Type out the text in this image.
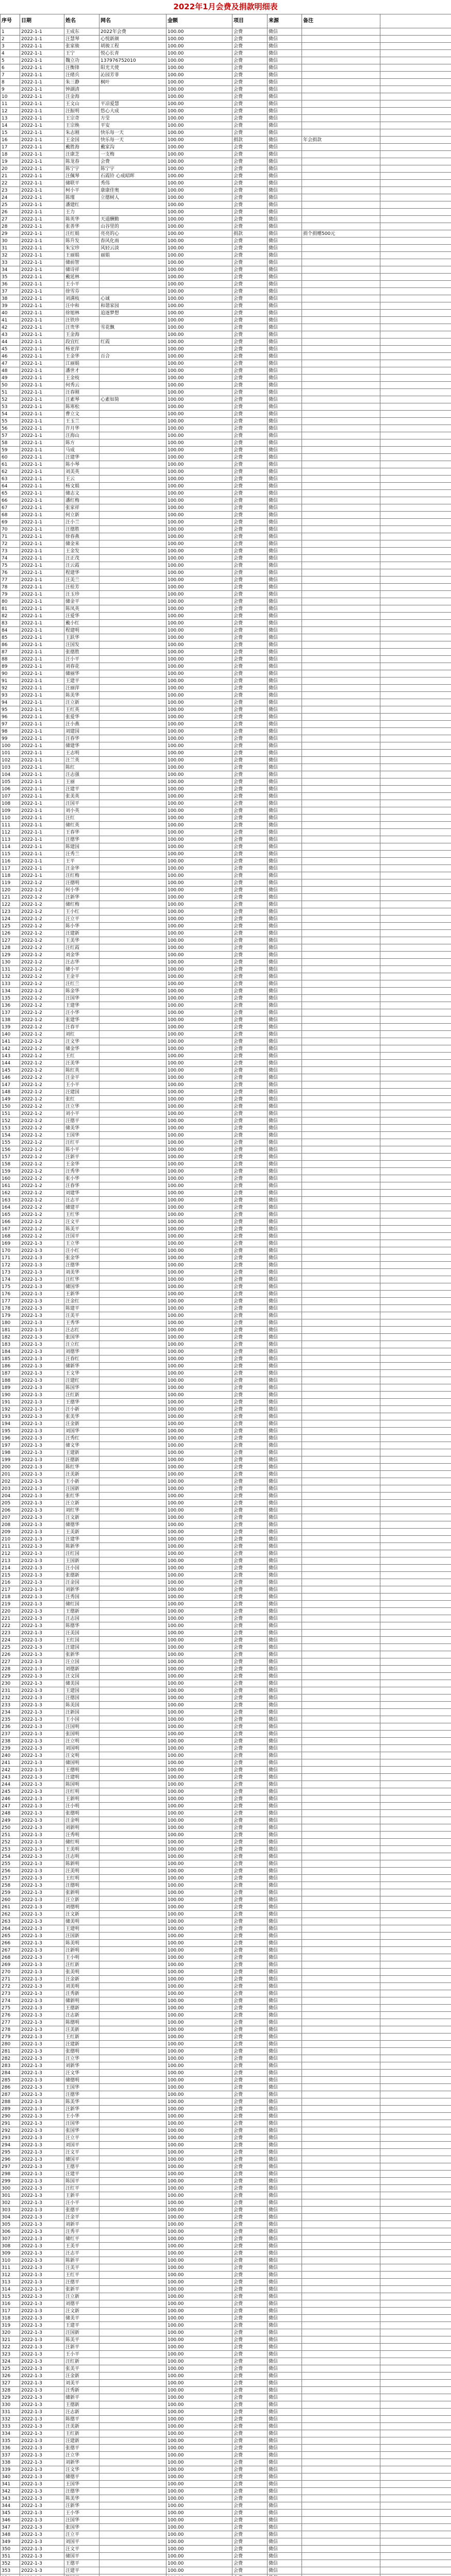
2022年1月会费及捐款明细表
序号	日期	姓名	网名	金额	项目	来源	备注	
1	2022-1-1	王成东	2022年会费	100.00	会费	微信		
2	2022-1-1	汪慧琴	心悦新颜	100.00	会费	微信		
3	2022-1-1	张家骏	胡骏工程	100.00	会费	微信		
4	2022-1-1	王宁	悦心长青	100.00	会费	微信		
5	2022-1-1	魏立功	137976752010	100.00	会费	微信		
6	2022-1-1	汪衡锋	阳光天使	100.00	会费	微信		
7	2022-1-1	汪绪兵	沁园芳菲	100.00	会费	微信		
8	2022-1-1	朱三静	枫叶	100.00	会费	微信		
9	2022-1-1	钟湖清		100.00	会费	微信		
10	2022-1-1	汪金海		100.00	会费	微信		
11	2022-1-1	王文山	平凉爱慧	100.00	会费	微信		
12	2022-1-1	汪振明	悠心大成	100.00	会费	微信		
13	2022-1-1	王宗奇	方莹	100.00	会费	微信		
14	2022-1-1	王宗焕	平安	100.00	会费	微信		
15	2022-1-1	朱志刚	快乐每一天	100.00	会费	微信		
16	2022-1-1	王金国	快乐每一天	100.00	捐款	微信	年会捐款	
17	2022-1-1	戴胜海	戴家沟	100.00	会费	微信		
18	2022-1-1	汪康芝	一支梅	100.00	会费	微信		
19	2022-1-1	陈龙春	会费	100.00	会费	微信		
20	2022-1-1	陈宁宇	陈宁宇	100.00	会费	微信		
21	2022-1-1	汪佩琴	石霞铃 心成昭晖	100.00	会费	微信		
22	2022-1-1	储联平	秀伟	100.00	会费	微信		
23	2022-1-1	柯小平	康康佳奥	100.00	会费	微信		
24	2022-1-1	陈瑾	立德树人	100.00	会费	微信		
25	2022-1-1	潘建红		100.00	会费	微信		
26	2022-1-1	王力		100.00	会费	微信		
27	2022-1-1	陈英华	天道酬勤	100.00	会费	微信		
28	2022-1-1	张善华	山谷里的	100.00	会费	微信		
29	2022-1-1	汪红娟	亮亮的心	100.00	捐款	微信	捐个捐赠500元	
30	2022-1-1	陈升发	春风化雨	100.00	会费	微信		
31	2022-1-1	朱宝珍	风轻云淡	100.00	会费	微信		
32	2022-1-1	王丽娟	丽娟	100.00	会费	微信		
33	2022-1-1	储前智		100.00	会费	微信		
34	2022-1-1	储诗祥		100.00	会费	微信		
35	2022-1-1	戴延林		100.00	会费	微信		
36	2022-1-1	王小平		100.00	会费	微信		
37	2022-1-1	徐雪芬		100.00	会费	微信		
38	2022-1-1	刘满枝	心诚	100.00	会费	微信		
39	2022-1-1	汪中和	和谐家园	100.00	会费	微信		
40	2022-1-1	徐旭林	追逐梦想	100.00	会费	微信		
41	2022-1-1	汪铁珍		100.00	会费	微信		
42	2022-1-1	汪贵华	雪花飘	100.00	会费	微信		
43	2022-1-1	王金海		100.00	会费	微信		
44	2022-1-1	段宜红	红霞	100.00	会费	微信		
45	2022-1-1	杨亚萍		100.00	会费	微信		
46	2022-1-1	王金华	百合	100.00	会费	微信		
47	2022-1-1	江丽娟		100.00	会费	微信		
48	2022-1-1	潘世才		100.00	会费	微信		
49	2022-1-1	王金枝		100.00	会费	微信		
50	2022-1-1	何秀云		100.00	会费	微信		
51	2022-1-1	汪春刚		100.00	会费	微信		
52	2022-1-1	汪素琴	心素如简	100.00	会费	微信		
53	2022-1-1	陈寒松		100.00	会费	微信		
54	2022-1-1	曹立文		100.00	会费	微信		
55	2022-1-1	王玉兰		100.00	会费	微信		
56	2022-1-1	许月华		100.00	会费	微信		
57	2022-1-1	汪海山		100.00	会费	微信		
58	2022-1-1	陈方		100.00	会费	微信		
59	2022-1-1	马成		100.00	会费	微信		
60	2022-1-1	汪建华		100.00	会费	微信		
61	2022-1-1	陈小琴		100.00	会费	微信		
62	2022-1-1	刘美英		100.00	会费	微信		
63	2022-1-1	王云		100.00	会费	微信		
64	2022-1-1	杨文娟		100.00	会费	微信		
65	2022-1-1	储志文		100.00	会费	微信		
66	2022-1-1	潘红梅		100.00	会费	微信		
67	2022-1-1	张家祥		100.00	会费	微信		
68	2022-1-1	何立新		100.00	会费	微信		
69	2022-1-1	汪小兰		100.00	会费	微信		
70	2022-1-1	汪德胜		100.00	会费	微信		
71	2022-1-1	徐春燕		100.00	会费	微信		
72	2022-1-1	储金来		100.00	会费	微信		
73	2022-1-1	王金发		100.00	会费	微信		
74	2022-1-1	汪正茂		100.00	会费	微信		
75	2022-1-1	汪云霞		100.00	会费	微信		
76	2022-1-1	程建华		100.00	会费	微信		
77	2022-1-1	汪美兰		100.00	会费	微信		
78	2022-1-1	汪桂芳		100.00	会费	微信		
79	2022-1-1	汪玉珍		100.00	会费	微信		
80	2022-1-1	储金平		100.00	会费	微信		
81	2022-1-1	陈凤英		100.00	会费	微信		
82	2022-1-1	汪爱华		100.00	会费	微信		
83	2022-1-1	戴小红		100.00	会费	微信		
84	2022-1-1	程建明		100.00	会费	微信		
85	2022-1-1	王跃华		100.00	会费	微信		
86	2022-1-1	汪国发		100.00	会费	微信		
87	2022-1-1	张德胜		100.00	会费	微信		
88	2022-1-1	汪小平		100.00	会费	微信		
89	2022-1-1	刘春花		100.00	会费	微信		
90	2022-1-1	储丽华		100.00	会费	微信		
91	2022-1-1	王建平		100.00	会费	微信		
92	2022-1-1	汪丽萍		100.00	会费	微信		
93	2022-1-1	陈美华		100.00	会费	微信		
94	2022-1-1	汪立新		100.00	会费	微信		
95	2022-1-1	王红英		100.00	会费	微信		
96	2022-1-1	张爱华		100.00	会费	微信		
97	2022-1-1	汪小燕		100.00	会费	微信		
98	2022-1-1	刘建国		100.00	会费	微信		
99	2022-1-1	汪春华		100.00	会费	微信		
100	2022-1-1	储建华		100.00	会费	微信		
101	2022-1-1	王志明		100.00	会费	微信		
102	2022-1-1	汪兰英		100.00	会费	微信		
103	2022-1-1	陈红		100.00	会费	微信		
104	2022-1-1	汪志强		100.00	会费	微信		
105	2022-1-1	王丽		100.00	会费	微信		
106	2022-1-1	汪建平		100.00	会费	微信		
107	2022-1-1	张美英		100.00	会费	微信		
108	2022-1-1	汪国平		100.00	会费	微信		
109	2022-1-1	刘小英		100.00	会费	微信		
110	2022-1-1	汪红		100.00	会费	微信		
111	2022-1-1	储红英		100.00	会费	微信		
112	2022-1-1	王春华		100.00	会费	微信		
113	2022-1-1	汪德华		100.00	会费	微信		
114	2022-1-1	陈建国		100.00	会费	微信		
115	2022-1-1	汪秀兰		100.00	会费	微信		
116	2022-1-1	王平		100.00	会费	微信		
117	2022-1-1	汪金华		100.00	会费	微信		
118	2022-1-1	汪红梅		100.00	会费	微信		
119	2022-1-2	汪德明		100.00	会费	微信		
120	2022-1-2	何小华		100.00	会费	微信		
121	2022-1-2	汪新华		100.00	会费	微信		
122	2022-1-2	储红梅		100.00	会费	微信		
123	2022-1-2	王小红		100.00	会费	微信		
124	2022-1-2	汪立平		100.00	会费	微信		
125	2022-1-2	陈小华		100.00	会费	微信		
126	2022-1-2	汪建新		100.00	会费	微信		
127	2022-1-2	王美华		100.00	会费	微信		
128	2022-1-2	汪红霞		100.00	会费	微信		
129	2022-1-2	刘金华		100.00	会费	微信		
130	2022-1-2	汪志华		100.00	会费	微信		
131	2022-1-2	储小平		100.00	会费	微信		
132	2022-1-2	王金平		100.00	会费	微信		
133	2022-1-2	汪红兰		100.00	会费	微信		
134	2022-1-2	陈金华		100.00	会费	微信		
135	2022-1-2	汪国华		100.00	会费	微信		
136	2022-1-2	王建华		100.00	会费	微信		
137	2022-1-2	汪小华		100.00	会费	微信		
138	2022-1-2	张建华		100.00	会费	微信		
139	2022-1-2	汪春平		100.00	会费	微信		
140	2022-1-2	刘红		100.00	会费	微信		
141	2022-1-2	汪文华		100.00	会费	微信		
142	2022-1-2	储金华		100.00	会费	微信		
143	2022-1-2	王红		100.00	会费	微信		
144	2022-1-2	汪美华		100.00	会费	微信		
145	2022-1-2	陈红英		100.00	会费	微信		
146	2022-1-2	汪金平		100.00	会费	微信		
147	2022-1-2	王小平		100.00	会费	微信		
148	2022-1-2	汪建国		100.00	会费	微信		
149	2022-1-2	张红		100.00	会费	微信		
150	2022-1-2	汪立华		100.00	会费	微信		
151	2022-1-2	刘小平		100.00	会费	微信		
152	2022-1-2	汪德平		100.00	会费	微信		
153	2022-1-2	储美华		100.00	会费	微信		
154	2022-1-2	王国华		100.00	会费	微信		
155	2022-1-2	汪红平		100.00	会费	微信		
156	2022-1-2	陈小平		100.00	会费	微信		
157	2022-1-2	汪新平		100.00	会费	微信		
158	2022-1-2	王金华		100.00	会费	微信		
159	2022-1-2	汪秀华		100.00	会费	微信		
160	2022-1-2	张小华		100.00	会费	微信		
161	2022-1-2	汪春华		100.00	会费	微信		
162	2022-1-2	刘建华		100.00	会费	微信		
163	2022-1-2	汪志平		100.00	会费	微信		
164	2022-1-2	储建平		100.00	会费	微信		
165	2022-1-2	王红华		100.00	会费	微信		
166	2022-1-2	汪文平		100.00	会费	微信		
167	2022-1-2	陈美平		100.00	会费	微信		
168	2022-1-2	汪国平		100.00	会费	微信		
169	2022-1-3	王立华		100.00	会费	微信		
170	2022-1-3	汪小红		100.00	会费	微信		
171	2022-1-3	张金华		100.00	会费	微信		
172	2022-1-3	汪德华		100.00	会费	微信		
173	2022-1-3	刘美华		100.00	会费	微信		
174	2022-1-3	汪红华		100.00	会费	微信		
175	2022-1-3	储国华		100.00	会费	微信		
176	2022-1-3	王新华		100.00	会费	微信		
177	2022-1-3	汪金红		100.00	会费	微信		
178	2022-1-3	陈建平		100.00	会费	微信		
179	2022-1-3	汪美平		100.00	会费	微信		
180	2022-1-3	王秀华		100.00	会费	微信		
181	2022-1-3	汪志红		100.00	会费	微信		
182	2022-1-3	张国华		100.00	会费	微信		
183	2022-1-3	汪立红		100.00	会费	微信		
184	2022-1-3	刘德华		100.00	会费	微信		
185	2022-1-3	汪春红		100.00	会费	微信		
186	2022-1-3	储新华		100.00	会费	微信		
187	2022-1-3	王文华		100.00	会费	微信		
188	2022-1-3	汪建红		100.00	会费	微信		
189	2022-1-3	陈国华		100.00	会费	微信		
190	2022-1-3	汪红新		100.00	会费	微信		
191	2022-1-3	王德华		100.00	会费	微信		
192	2022-1-3	汪小新		100.00	会费	微信		
193	2022-1-3	张美华		100.00	会费	微信		
194	2022-1-3	汪金新		100.00	会费	微信		
195	2022-1-3	刘国华		100.00	会费	微信		
196	2022-1-3	汪秀红		100.00	会费	微信		
197	2022-1-3	储文华		100.00	会费	微信		
198	2022-1-3	王建新		100.00	会费	微信		
199	2022-1-3	汪德新		100.00	会费	微信		
200	2022-1-3	陈红华		100.00	会费	微信		
201	2022-1-3	汪美新		100.00	会费	微信		
202	2022-1-3	王小新		100.00	会费	微信		
203	2022-1-3	汪国新		100.00	会费	微信		
204	2022-1-3	张红华		100.00	会费	微信		
205	2022-1-3	汪立新		100.00	会费	微信		
206	2022-1-3	刘红华		100.00	会费	微信		
207	2022-1-3	汪文新		100.00	会费	微信		
208	2022-1-3	储德华		100.00	会费	微信		
209	2022-1-3	王美新		100.00	会费	微信		
210	2022-1-3	汪建华		100.00	会费	微信		
211	2022-1-3	陈新华		100.00	会费	微信		
212	2022-1-3	汪红国		100.00	会费	微信		
213	2022-1-3	王国新		100.00	会费	微信		
214	2022-1-3	汪小国		100.00	会费	微信		
215	2022-1-3	张德新		100.00	会费	微信		
216	2022-1-3	汪金国		100.00	会费	微信		
217	2022-1-3	刘新华		100.00	会费	微信		
218	2022-1-3	汪秀国		100.00	会费	微信		
219	2022-1-3	储红国		100.00	会费	微信		
220	2022-1-3	王德新		100.00	会费	微信		
221	2022-1-3	汪志国		100.00	会费	微信		
222	2022-1-3	陈德华		100.00	会费	微信		
223	2022-1-3	汪美国		100.00	会费	微信		
224	2022-1-3	王红国		100.00	会费	微信		
225	2022-1-3	汪建国		100.00	会费	微信		
226	2022-1-3	张新华		100.00	会费	微信		
227	2022-1-3	汪立国		100.00	会费	微信		
228	2022-1-3	刘德新		100.00	会费	微信		
229	2022-1-3	汪文国		100.00	会费	微信		
230	2022-1-3	储美国		100.00	会费	微信		
231	2022-1-3	王建国		100.00	会费	微信		
232	2022-1-3	汪德国		100.00	会费	微信		
233	2022-1-3	陈美国		100.00	会费	微信		
234	2022-1-3	汪新国		100.00	会费	微信		
235	2022-1-3	王小国		100.00	会费	微信		
236	2022-1-3	汪国明		100.00	会费	微信		
237	2022-1-3	张国明		100.00	会费	微信		
238	2022-1-3	汪立明		100.00	会费	微信		
239	2022-1-3	刘国明		100.00	会费	微信		
240	2022-1-3	汪文明		100.00	会费	微信		
241	2022-1-3	储国明		100.00	会费	微信		
242	2022-1-3	王德明		100.00	会费	微信		
243	2022-1-3	汪建明		100.00	会费	微信		
244	2022-1-3	陈国明		100.00	会费	微信		
245	2022-1-3	汪红明		100.00	会费	微信		
246	2022-1-3	王新明		100.00	会费	微信		
247	2022-1-3	汪小明		100.00	会费	微信		
248	2022-1-3	张德明		100.00	会费	微信		
249	2022-1-3	汪金明		100.00	会费	微信		
250	2022-1-3	刘新明		100.00	会费	微信		
251	2022-1-3	汪秀明		100.00	会费	微信		
252	2022-1-3	储红明		100.00	会费	微信		
253	2022-1-3	王美明		100.00	会费	微信		
254	2022-1-3	汪志明		100.00	会费	微信		
255	2022-1-3	陈新明		100.00	会费	微信		
256	2022-1-3	汪美明		100.00	会费	微信		
257	2022-1-3	王红明		100.00	会费	微信		
258	2022-1-3	汪德明		100.00	会费	微信		
259	2022-1-3	张新明		100.00	会费	微信		
260	2022-1-3	汪立新		100.00	会费	微信		
261	2022-1-3	刘德明		100.00	会费	微信		
262	2022-1-3	汪文新		100.00	会费	微信		
263	2022-1-3	储美明		100.00	会费	微信		
264	2022-1-3	王建明		100.00	会费	微信		
265	2022-1-3	汪国新		100.00	会费	微信		
266	2022-1-3	陈美明		100.00	会费	微信		
267	2022-1-3	汪新明		100.00	会费	微信		
268	2022-1-3	王小明		100.00	会费	微信		
269	2022-1-3	汪红新		100.00	会费	微信		
270	2022-1-3	张美明		100.00	会费	微信		
271	2022-1-3	汪金新		100.00	会费	微信		
272	2022-1-3	刘美明		100.00	会费	微信		
273	2022-1-3	汪秀新		100.00	会费	微信		
274	2022-1-3	储新明		100.00	会费	微信		
275	2022-1-3	王德新		100.00	会费	微信		
276	2022-1-3	汪志新		100.00	会费	微信		
277	2022-1-3	陈德明		100.00	会费	微信		
278	2022-1-3	汪美新		100.00	会费	微信		
279	2022-1-3	王红新		100.00	会费	微信		
280	2022-1-3	汪建新		100.00	会费	微信		
281	2022-1-3	张德明		100.00	会费	微信		
282	2022-1-3	汪立华		100.00	会费	微信		
283	2022-1-3	刘新华		100.00	会费	微信		
284	2022-1-3	汪文华		100.00	会费	微信		
285	2022-1-3	储德明		100.00	会费	微信		
286	2022-1-3	王国华		100.00	会费	微信		
287	2022-1-3	汪德华		100.00	会费	微信		
288	2022-1-3	陈美华		100.00	会费	微信		
289	2022-1-3	汪新华		100.00	会费	微信		
290	2022-1-3	王小华		100.00	会费	微信		
291	2022-1-3	汪国华		100.00	会费	微信		
292	2022-1-3	张国华		100.00	会费	微信		
293	2022-1-3	汪立平		100.00	会费	微信		
294	2022-1-3	刘国平		100.00	会费	微信		
295	2022-1-3	汪文平		100.00	会费	微信		
296	2022-1-3	储国平		100.00	会费	微信		
297	2022-1-3	王德平		100.00	会费	微信		
298	2022-1-3	汪建平		100.00	会费	微信		
299	2022-1-3	陈国平		100.00	会费	微信		
300	2022-1-3	汪红平		100.00	会费	微信		
301	2022-1-3	王新平		100.00	会费	微信		
302	2022-1-3	汪小平		100.00	会费	微信		
303	2022-1-3	张德平		100.00	会费	微信		
304	2022-1-3	汪金平		100.00	会费	微信		
305	2022-1-3	刘新平		100.00	会费	微信		
306	2022-1-3	汪秀平		100.00	会费	微信		
307	2022-1-3	储红平		100.00	会费	微信		
308	2022-1-3	王美平		100.00	会费	微信		
309	2022-1-3	汪志平		100.00	会费	微信		
310	2022-1-3	陈新平		100.00	会费	微信		
311	2022-1-3	汪美平		100.00	会费	微信		
312	2022-1-3	王红平		100.00	会费	微信		
313	2022-1-3	汪德平		100.00	会费	微信		
314	2022-1-3	张新平		100.00	会费	微信		
315	2022-1-3	汪立新		100.00	会费	微信		
316	2022-1-3	刘德平		100.00	会费	微信		
317	2022-1-3	汪文新		100.00	会费	微信		
318	2022-1-3	储美平		100.00	会费	微信		
319	2022-1-3	王建平		100.00	会费	微信		
320	2022-1-3	汪国新		100.00	会费	微信		
321	2022-1-3	陈美平		100.00	会费	微信		
322	2022-1-3	汪新平		100.00	会费	微信		
323	2022-1-3	王小平		100.00	会费	微信		
324	2022-1-3	汪红新		100.00	会费	微信		
325	2022-1-3	张美平		100.00	会费	微信		
326	2022-1-3	汪金新		100.00	会费	微信		
327	2022-1-3	刘美平		100.00	会费	微信		
328	2022-1-3	汪秀新		100.00	会费	微信		
329	2022-1-3	储新平		100.00	会费	微信		
330	2022-1-3	王德新		100.00	会费	微信		
331	2022-1-3	汪志新		100.00	会费	微信		
332	2022-1-3	陈德平		100.00	会费	微信		
333	2022-1-3	汪美新		100.00	会费	微信		
334	2022-1-3	王红新		100.00	会费	微信		
335	2022-1-3	汪建新		100.00	会费	微信		
336	2022-1-3	张德平		100.00	会费	微信		
337	2022-1-3	汪立华		100.00	会费	微信		
338	2022-1-3	刘新华		100.00	会费	微信		
339	2022-1-3	汪文华		100.00	会费	微信		
340	2022-1-3	储德平		100.00	会费	微信		
341	2022-1-3	王国华		100.00	会费	微信		
342	2022-1-3	汪德华		100.00	会费	微信		
343	2022-1-3	陈美华		100.00	会费	微信		
344	2022-1-3	汪新华		100.00	会费	微信		
345	2022-1-3	王小华		100.00	会费	微信		
346	2022-1-3	汪国华		100.00	会费	微信		
347	2022-1-3	张国华		100.00	会费	微信		
348	2022-1-3	汪立平		100.00	会费	微信		
349	2022-1-3	刘国平		100.00	会费	微信		
350	2022-1-3	汪文平		100.00	会费	微信		
351	2022-1-3	储国平		100.00	会费	微信		
352	2022-1-3	王德平		100.00	会费	微信		
353	2022-1-3	汪建平		100.00	会费	微信		
